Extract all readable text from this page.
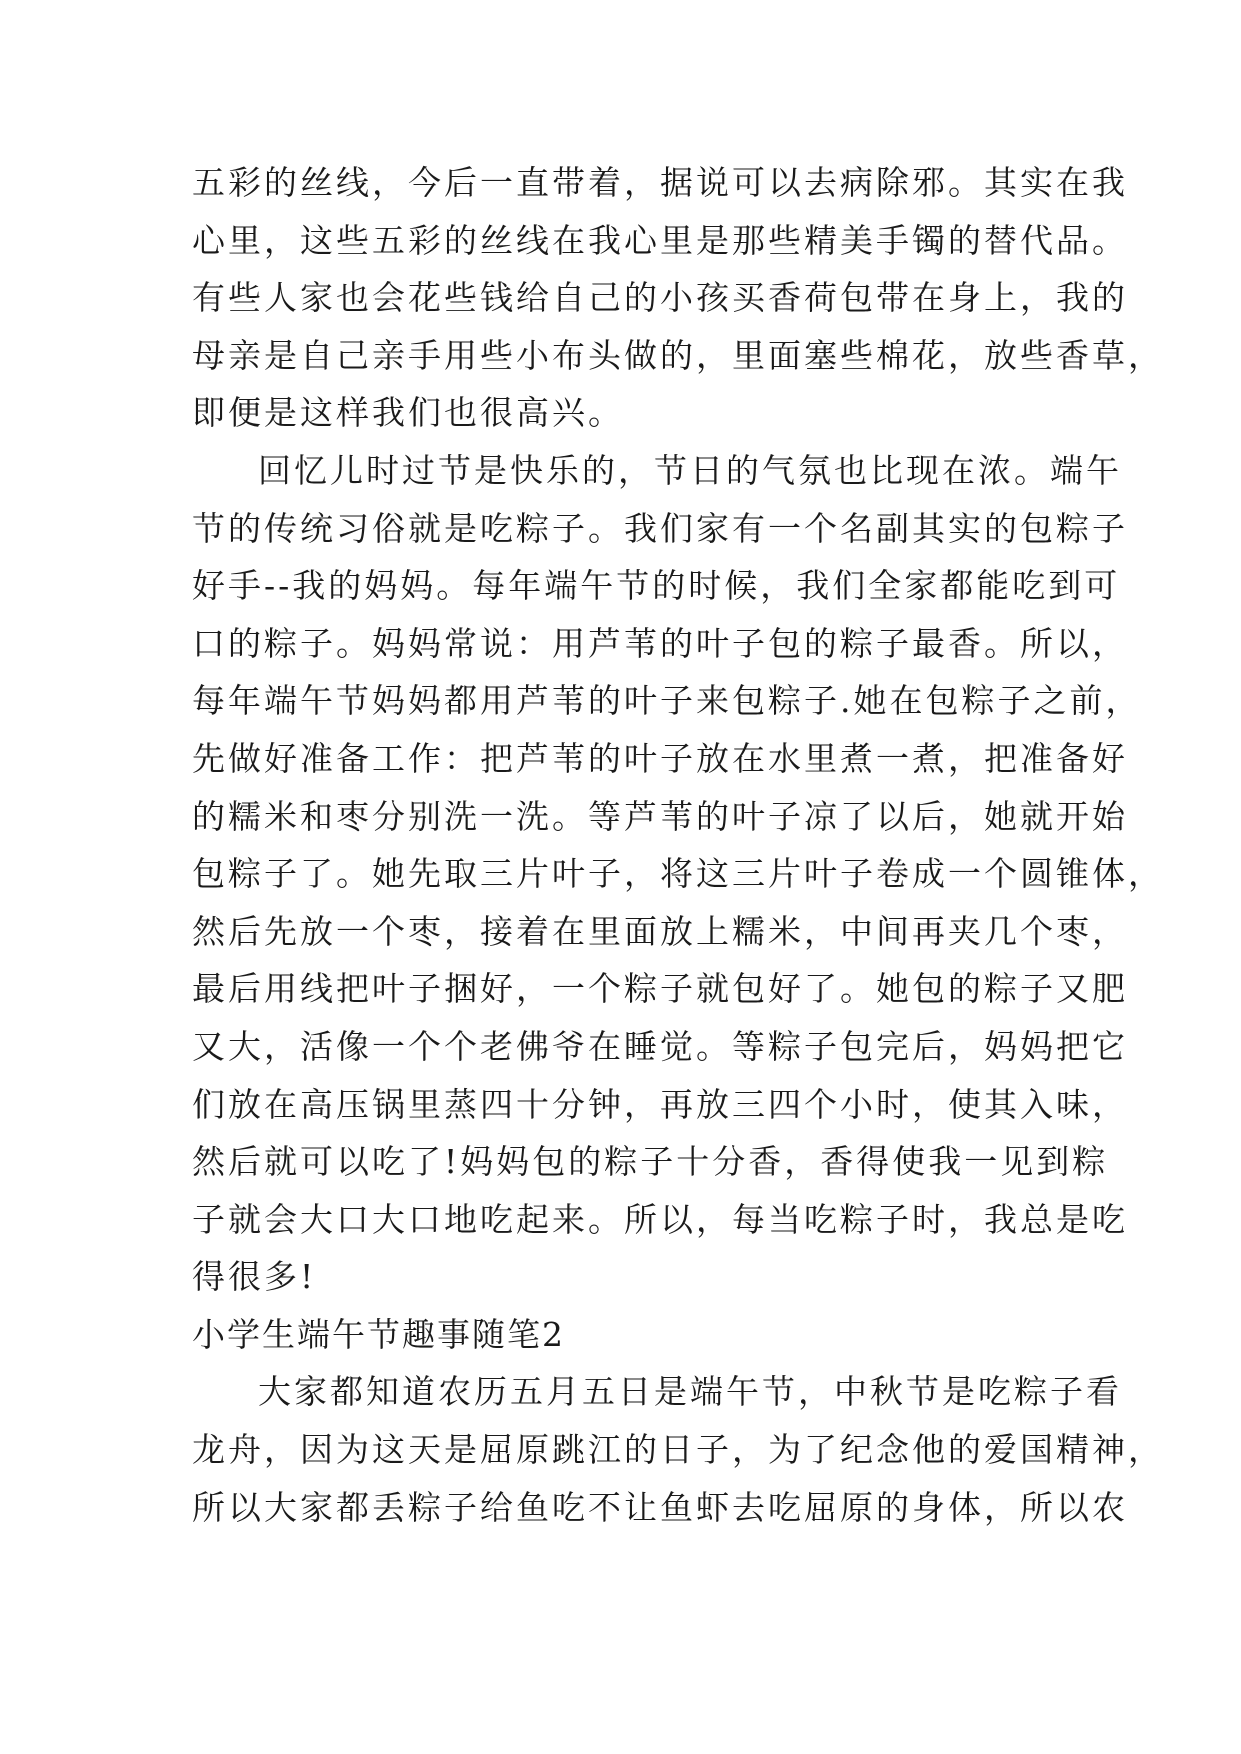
五彩的丝线，今后一直带着，据说可以去病除邪。其实在我
心里，这些五彩的丝线在我心里是那些精美手镯的替代品。
有些人家也会花些钱给自己的小孩买香荷包带在身上，我的
母亲是自己亲手用些小布头做的，里面塞些棉花，放些香草，
即便是这样我们也很高兴。
回忆儿时过节是快乐的，节日的气氛也比现在浓。端午
节的传统习俗就是吃粽子。我们家有一个名副其实的包粽子
好手--我的妈妈。每年端午节的时候，我们全家都能吃到可
口的粽子。妈妈常说：用芦苇的叶子包的粽子最香。所以，
每年端午节妈妈都用芦苇的叶子来包粽子.她在包粽子之前，
先做好准备工作：把芦苇的叶子放在水里煮一煮，把准备好
的糯米和枣分别洗一洗。等芦苇的叶子凉了以后，她就开始
包粽子了。她先取三片叶子，将这三片叶子卷成一个圆锥体，
然后先放一个枣，接着在里面放上糯米，中间再夹几个枣，
最后用线把叶子捆好，一个粽子就包好了。她包的粽子又肥
又大，活像一个个老佛爷在睡觉。等粽子包完后，妈妈把它
们放在高压锅里蒸四十分钟，再放三四个小时，使其入味，
然后就可以吃了!妈妈包的粽子十分香，香得使我一见到粽
子就会大口大口地吃起来。所以，每当吃粽子时，我总是吃
得很多!
小学生端午节趣事随笔2
大家都知道农历五月五日是端午节，中秋节是吃粽子看
龙舟，因为这天是屈原跳江的日子，为了纪念他的爱国精神，
所以大家都丢粽子给鱼吃不让鱼虾去吃屈原的身体，所以农
